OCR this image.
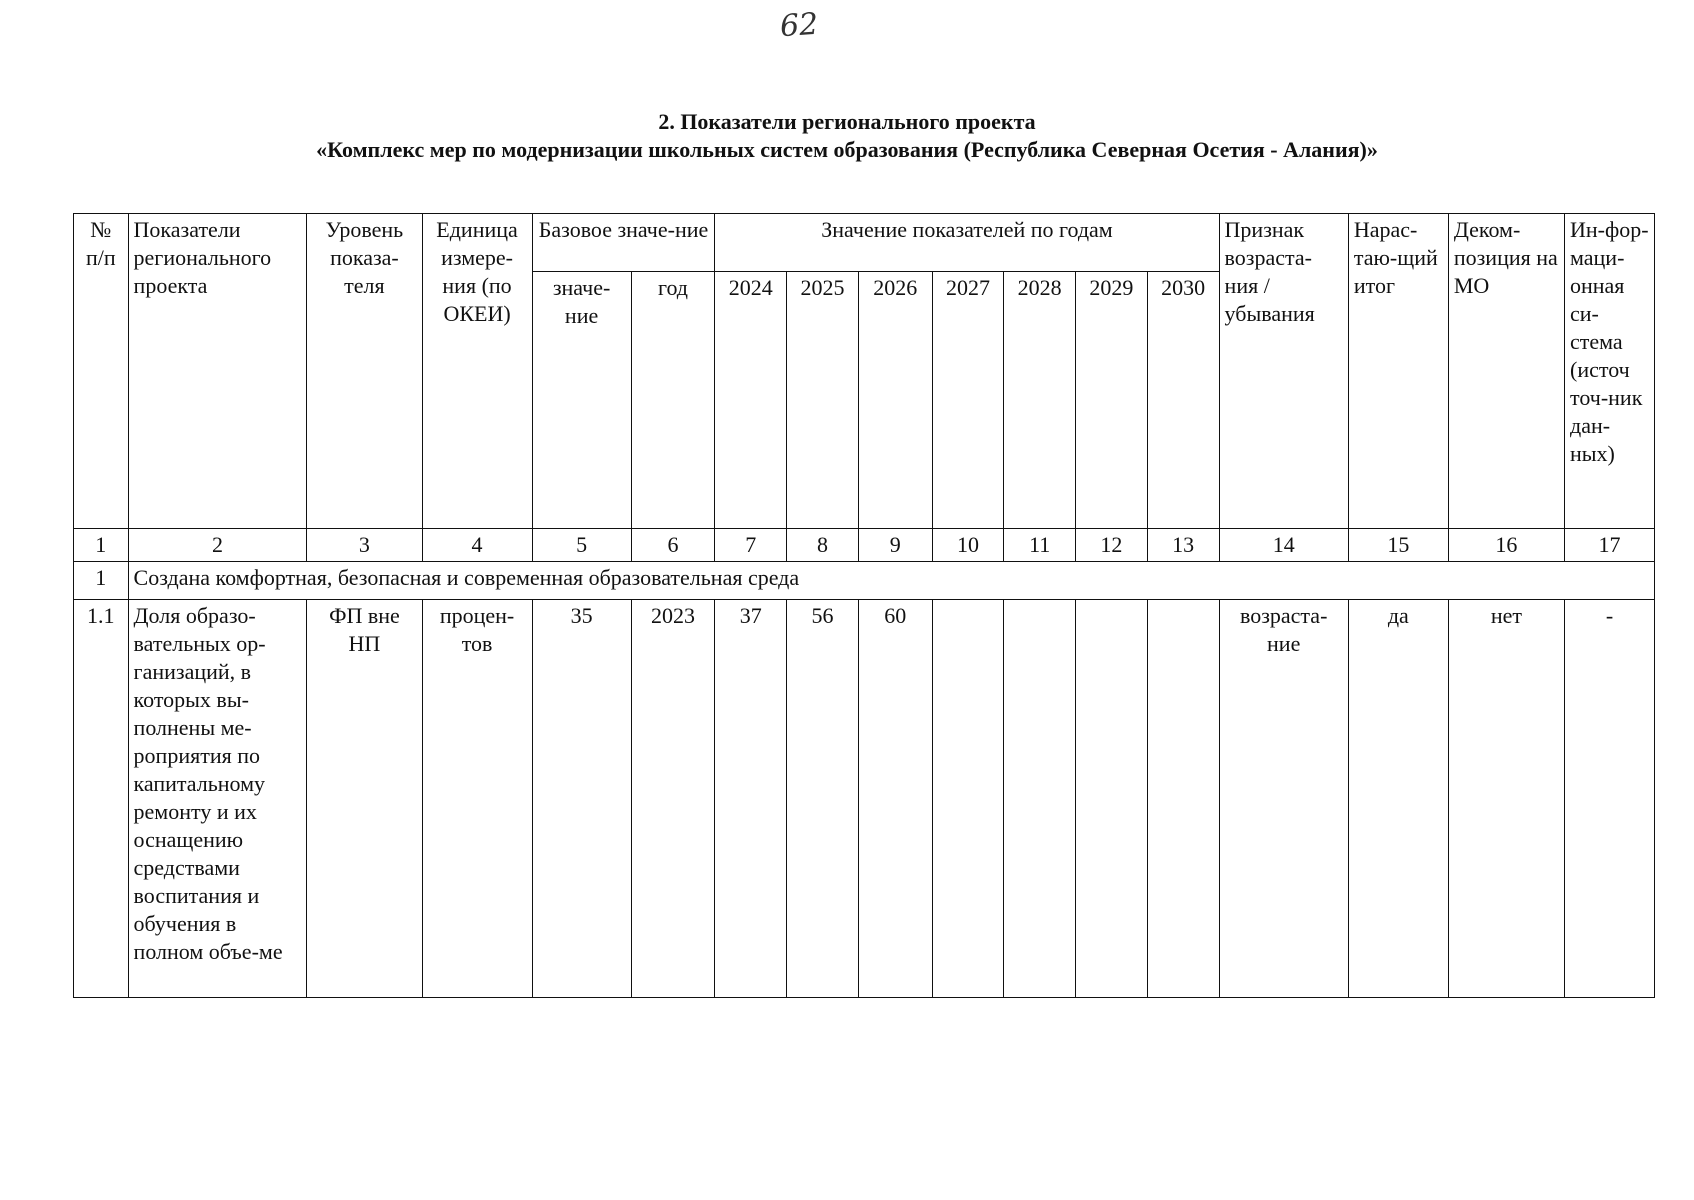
62
2. Показатели регионального проекта
«Комплекс мер по модернизации школьных систем образования (Республика Северная Осетия - Алания)»
№ п/п	Показатели регионального проекта	Уровень показа-теля	Единица измере-ния (по ОКЕИ)	Базовое значе-ние		Значение показателей по годам							Признак возраста-ния / убывания	Нарас-таю-щий итог	Деком-позиция на МО	Ин-фор-маци-онная си-стема (источ точ-ник дан-ных)
				значе-ние	год	2024	2025	2026	2027	2028	2029	2030				
1	2	3	4	5	6	7	8	9	10	11	12	13	14	15	16	17
1	Создана комфортная, безопасная и современная образовательная среда															
1.1	Доля образо-вательных ор-ганизаций, в которых вы-полнены ме-роприятия по капитальному ремонту и их оснащению средствами воспитания и обучения в полном объе-ме	ФП вне НП	процен-тов	35	2023	37	56	60					возраста-ние	да	нет	-
